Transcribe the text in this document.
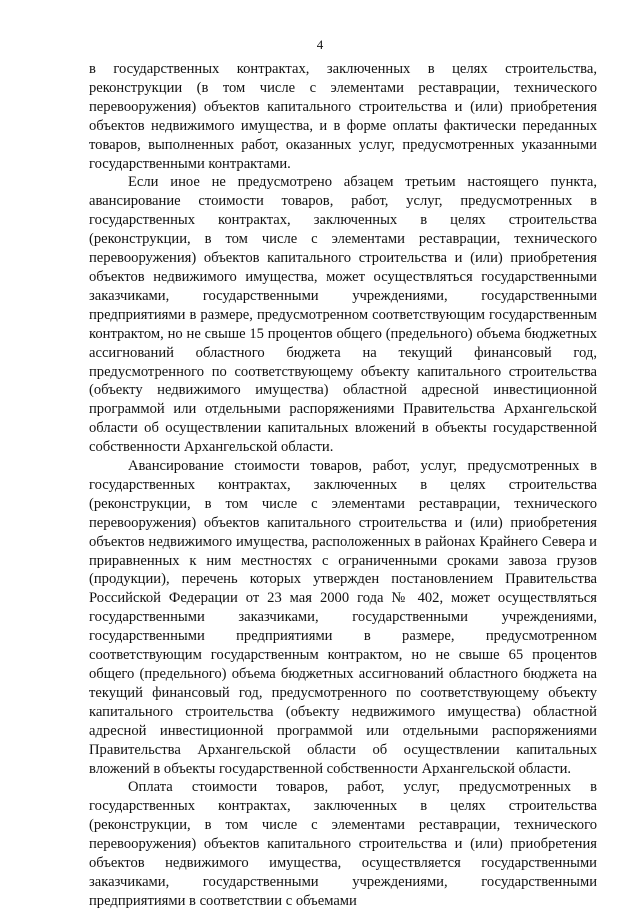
4

в государственных контрактах, заключенных в целях строительства, реконструкции (в том числе с элементами реставрации, технического перевооружения) объектов капитального строительства и (или) приобретения объектов недвижимого имущества, и в форме оплаты фактически переданных товаров, выполненных работ, оказанных услуг, предусмотренных указанными государственными контрактами.

Если иное не предусмотрено абзацем третьим настоящего пункта, авансирование стоимости товаров, работ, услуг, предусмотренных в государственных контрактах, заключенных в целях строительства (реконструкции, в том числе с элементами реставрации, технического перевооружения) объектов капитального строительства и (или) приобретения объектов недвижимого имущества, может осуществляться государственными заказчиками, государственными учреждениями, государственными предприятиями в размере, предусмотренном соответствующим государственным контрактом, но не свыше 15 процентов общего (предельного) объема бюджетных ассигнований областного бюджета на текущий финансовый год, предусмотренного по соответствующему объекту капитального строительства (объекту недвижимого имущества) областной адресной инвестиционной программой или отдельными распоряжениями Правительства Архангельской области об осуществлении капитальных вложений в объекты государственной собственности Архангельской области.

Авансирование стоимости товаров, работ, услуг, предусмотренных в государственных контрактах, заключенных в целях строительства (реконструкции, в том числе с элементами реставрации, технического перевооружения) объектов капитального строительства и (или) приобретения объектов недвижимого имущества, расположенных в районах Крайнего Севера и приравненных к ним местностях с ограниченными сроками завоза грузов (продукции), перечень которых утвержден постановлением Правительства Российской Федерации от 23 мая 2000 года № 402, может осуществляться государственными заказчиками, государственными учреждениями, государственными предприятиями в размере, предусмотренном соответствующим государственным контрактом, но не свыше 65 процентов общего (предельного) объема бюджетных ассигнований областного бюджета на текущий финансовый год, предусмотренного по соответствующему объекту капитального строительства (объекту недвижимого имущества) областной адресной инвестиционной программой или отдельными распоряжениями Правительства Архангельской области об осуществлении капитальных вложений в объекты государственной собственности Архангельской области.

Оплата стоимости товаров, работ, услуг, предусмотренных в государственных контрактах, заключенных в целях строительства (реконструкции, в том числе с элементами реставрации, технического перевооружения) объектов капитального строительства и (или) приобретения объектов недвижимого имущества, осуществляется государственными заказчиками, государственными учреждениями, государственными предприятиями в соответствии с объемами
